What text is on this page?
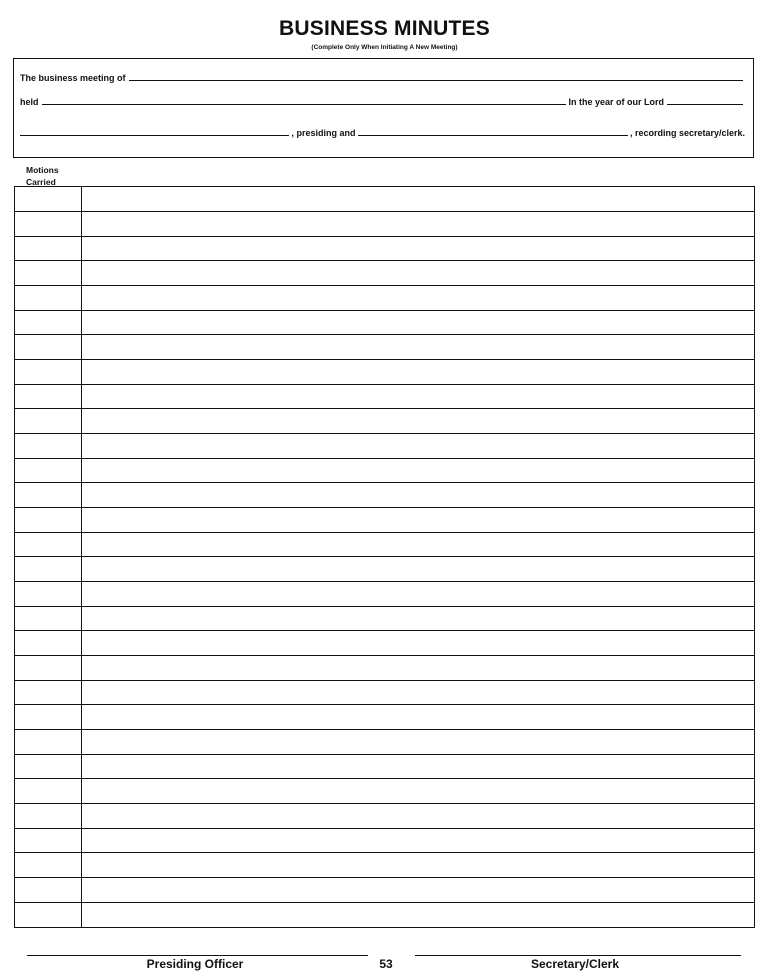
BUSINESS MINUTES
(Complete Only When Initiating A New Meeting)
The business meeting of
held	In the year of our Lord
, presiding and	, recording secretary/clerk.
Motions
Carried
Presiding Officer	53	Secretary/Clerk
